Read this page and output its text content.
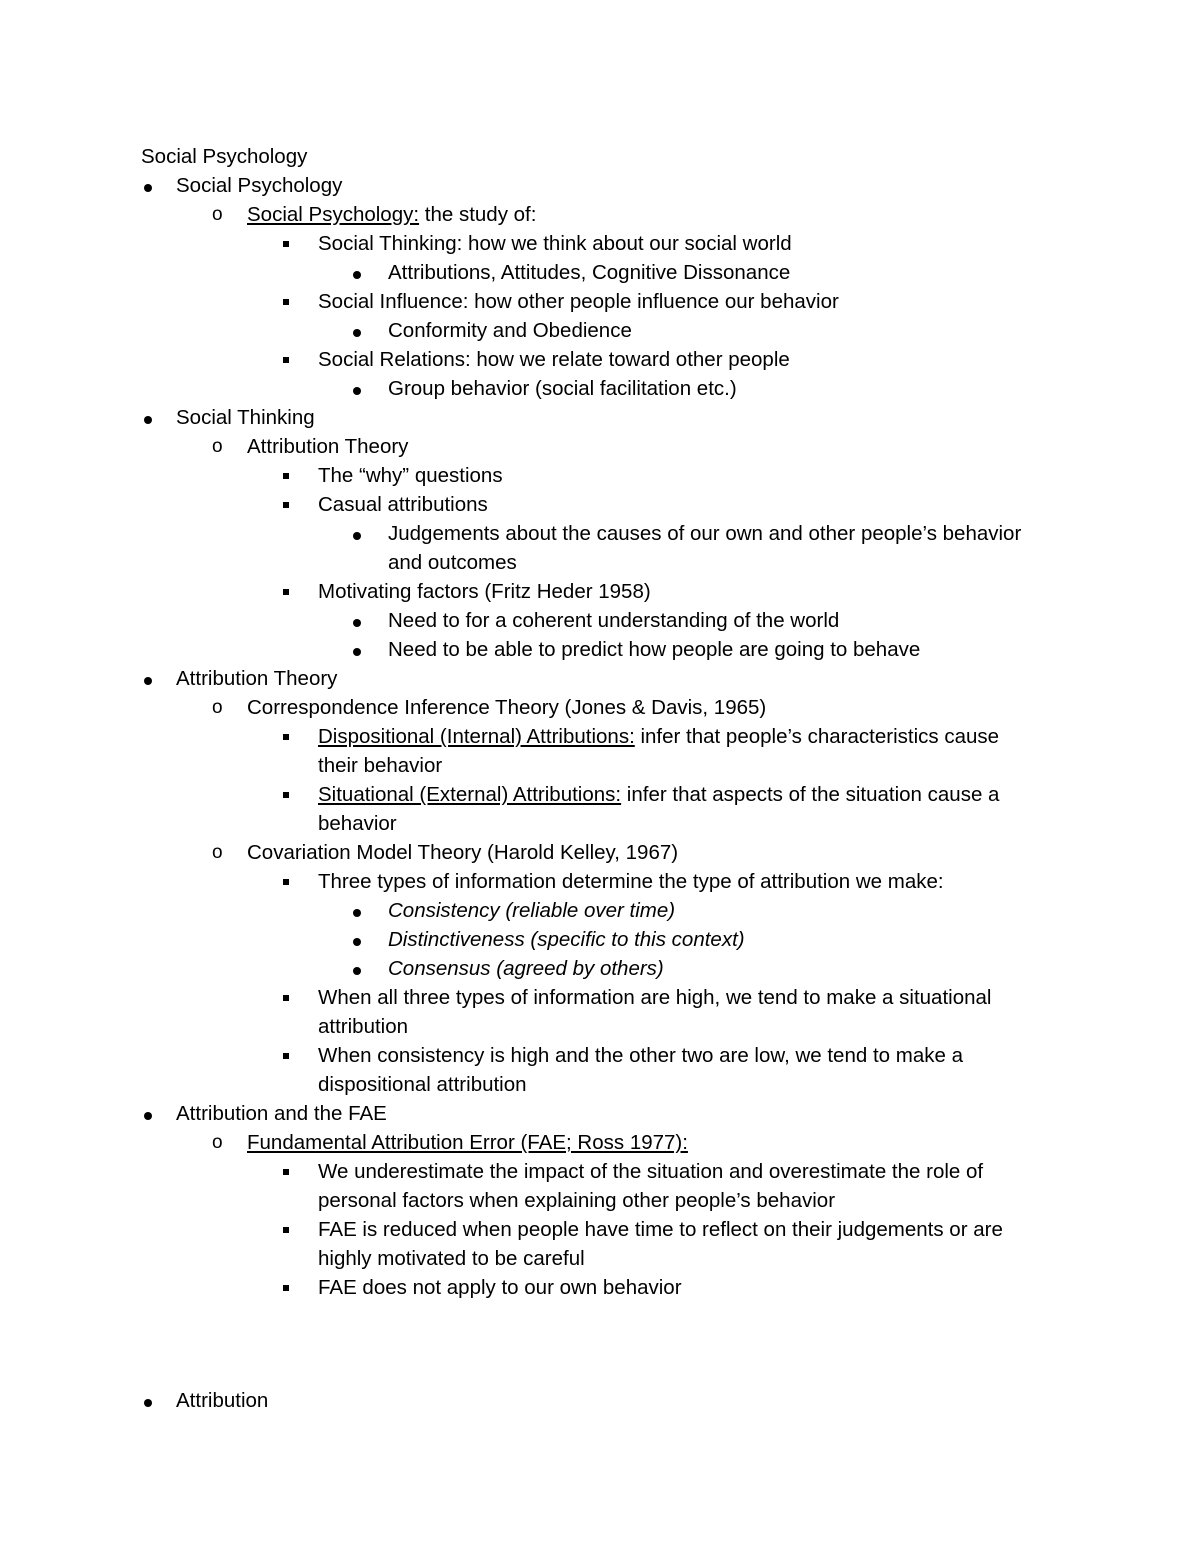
Social Psychology
Social Psychology
o Social Psychology: the study of:
Social Thinking: how we think about our social world
Attributions, Attitudes, Cognitive Dissonance
Social Influence: how other people influence our behavior
Conformity and Obedience
Social Relations: how we relate toward other people
Group behavior (social facilitation etc.)
Social Thinking
o Attribution Theory
The “why” questions
Casual attributions
Judgements about the causes of our own and other people’s behavior
and outcomes
Motivating factors (Fritz Heder 1958)
Need to for a coherent understanding of the world
Need to be able to predict how people are going to behave
Attribution Theory
o Correspondence Inference Theory (Jones & Davis, 1965)
Dispositional (Internal) Attributions: infer that people’s characteristics cause
their behavior
Situational (External) Attributions: infer that aspects of the situation cause a
behavior
o Covariation Model Theory (Harold Kelley, 1967)
Three types of information determine the type of attribution we make:
Consistency (reliable over time)
Distinctiveness (specific to this context)
Consensus (agreed by others)
When all three types of information are high, we tend to make a situational
attribution
When consistency is high and the other two are low, we tend to make a
dispositional attribution
Attribution and the FAE
o Fundamental Attribution Error (FAE; Ross 1977):
We underestimate the impact of the situation and overestimate the role of
personal factors when explaining other people’s behavior
FAE is reduced when people have time to reflect on their judgements or are
highly motivated to be careful
FAE does not apply to our own behavior
Attribution
